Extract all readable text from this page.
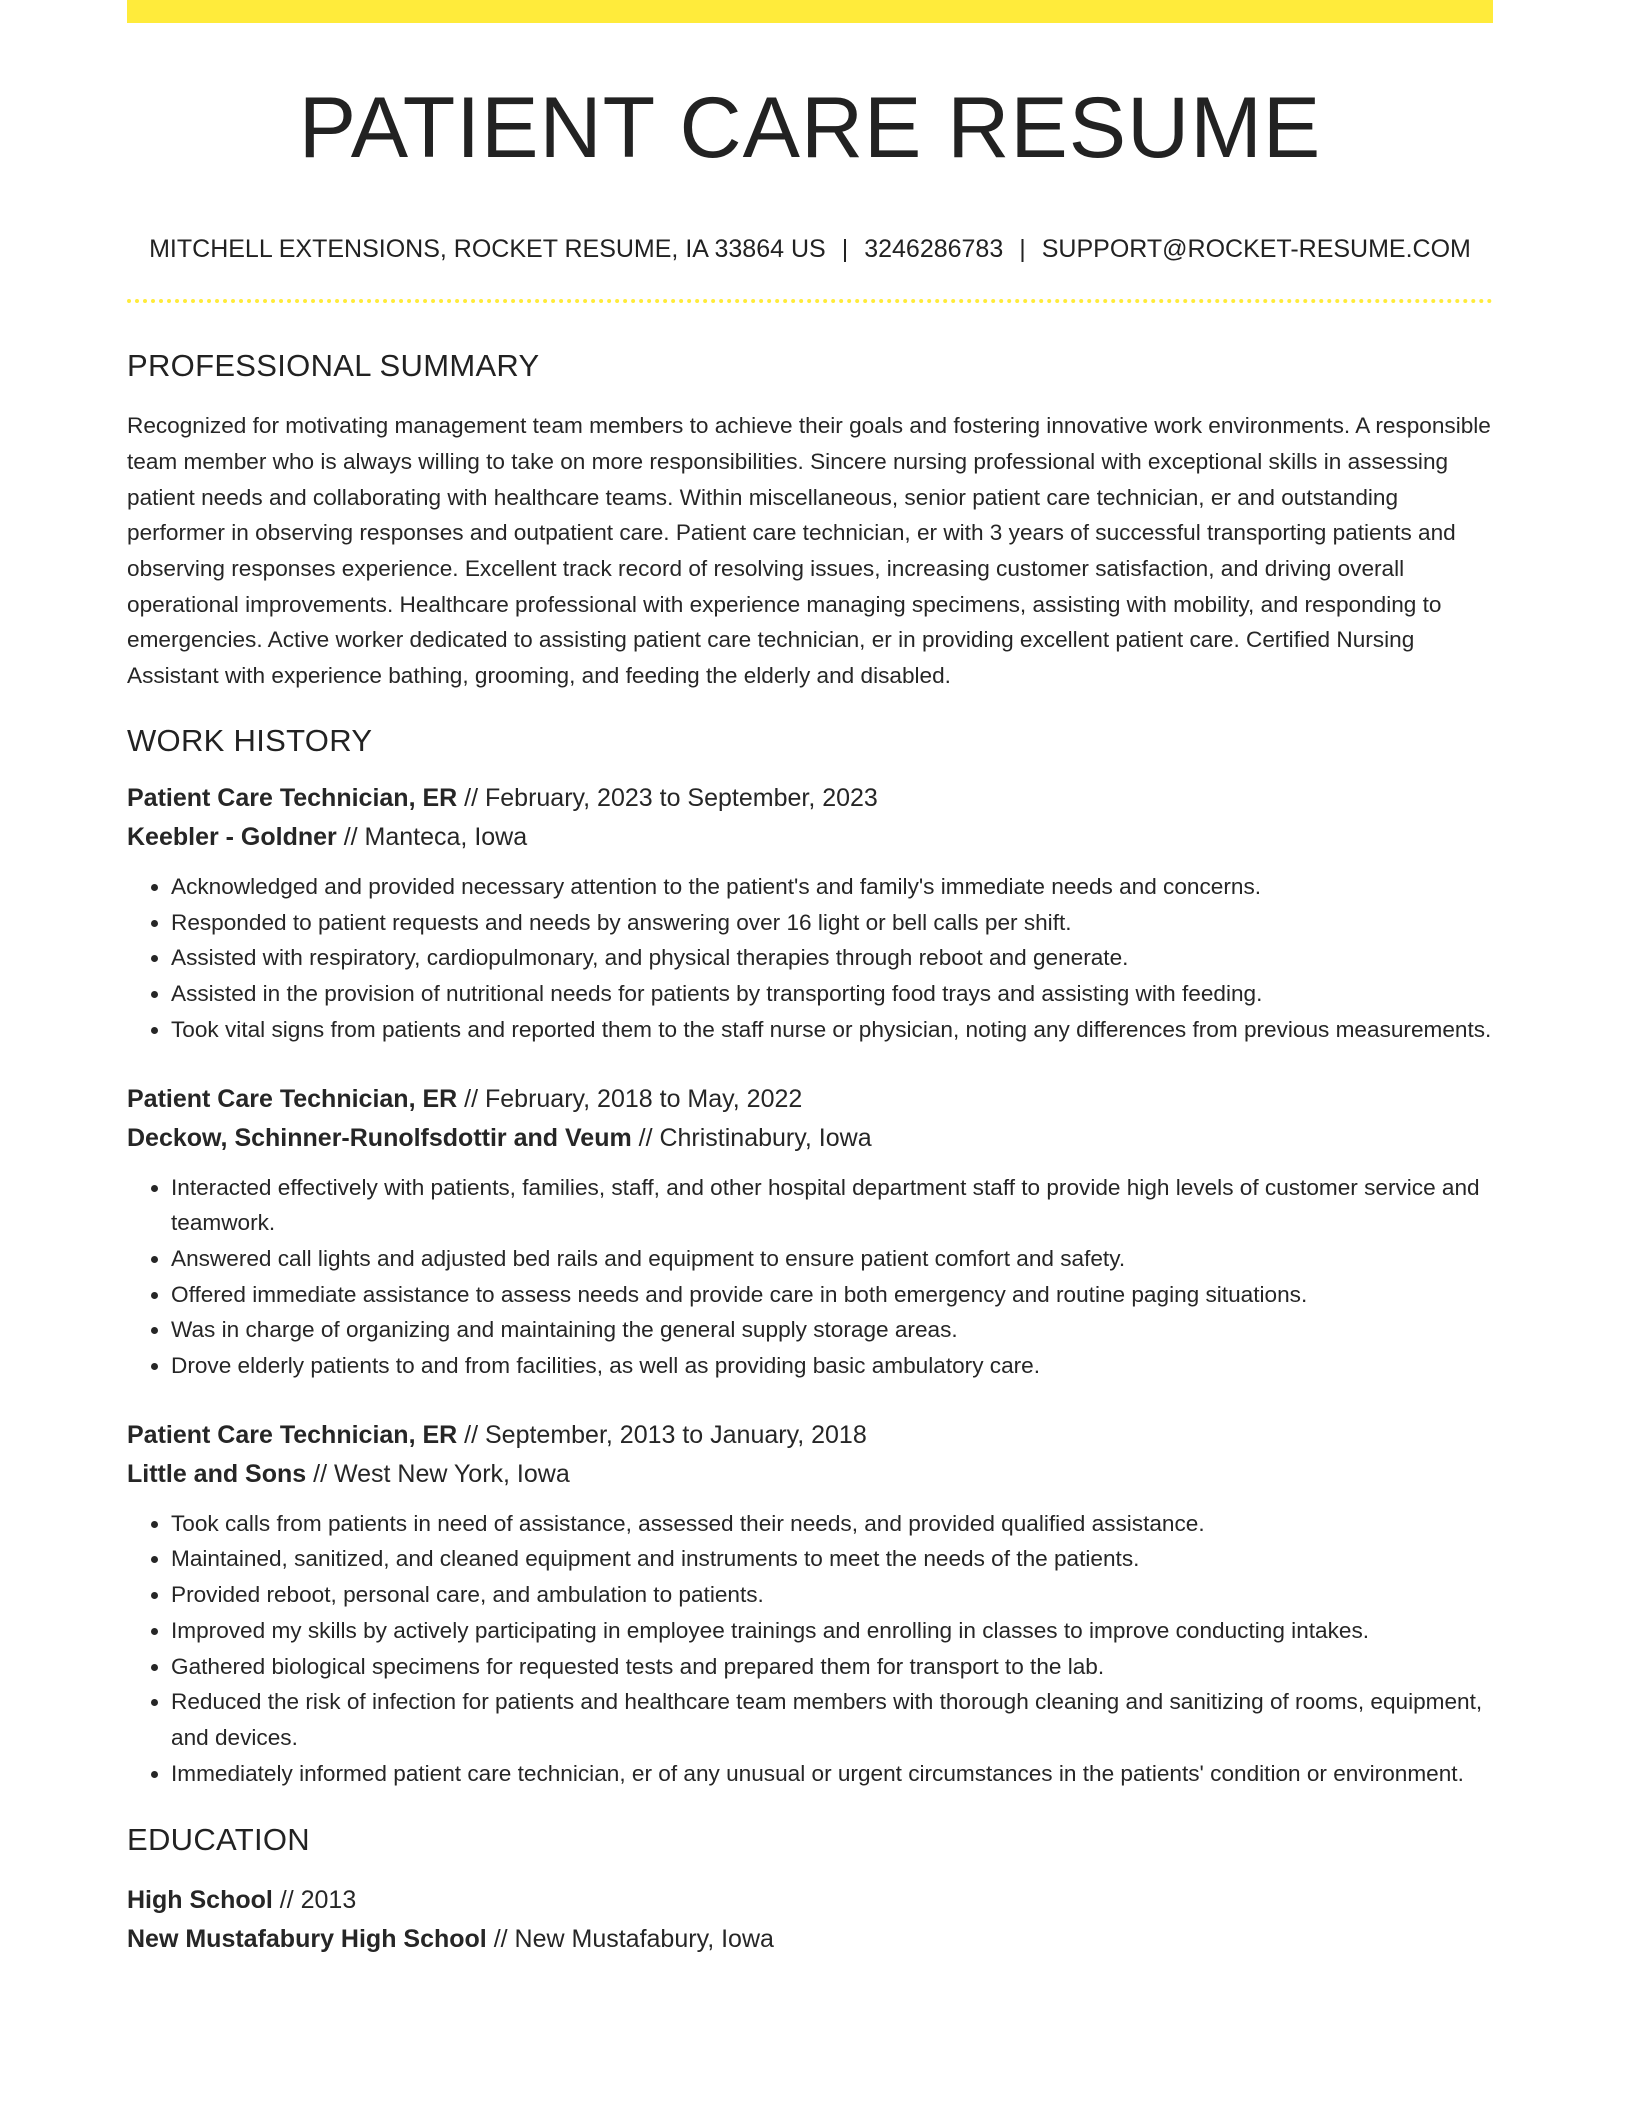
PATIENT CARE RESUME
MITCHELL EXTENSIONS, ROCKET RESUME, IA 33864 US | 3246286783 | SUPPORT@ROCKET-RESUME.COM
PROFESSIONAL SUMMARY

Recognized for motivating management team members to achieve their goals and fostering innovative work environments. A responsible team member who is always willing to take on more responsibilities. Sincere nursing professional with exceptional skills in assessing patient needs and collaborating with healthcare teams. Within miscellaneous, senior patient care technician, er and outstanding performer in observing responses and outpatient care. Patient care technician, er with 3 years of successful transporting patients and observing responses experience. Excellent track record of resolving issues, increasing customer satisfaction, and driving overall operational improvements. Healthcare professional with experience managing specimens, assisting with mobility, and responding to emergencies. Active worker dedicated to assisting patient care technician, er in providing excellent patient care. Certified Nursing Assistant with experience bathing, grooming, and feeding the elderly and disabled.

WORK HISTORY
Patient Care Technician, ER // February, 2023 to September, 2023
Keebler - Goldner // Manteca, Iowa
• Acknowledged and provided necessary attention to the patient's and family's immediate needs and concerns.
• Responded to patient requests and needs by answering over 16 light or bell calls per shift.
• Assisted with respiratory, cardiopulmonary, and physical therapies through reboot and generate.
• Assisted in the provision of nutritional needs for patients by transporting food trays and assisting with feeding.
• Took vital signs from patients and reported them to the staff nurse or physician, noting any differences from previous measurements.
Patient Care Technician, ER // February, 2018 to May, 2022
Deckow, Schinner-Runolfsdottir and Veum // Christinabury, Iowa
• Interacted effectively with patients, families, staff, and other hospital department staff to provide high levels of customer service and teamwork.
• Answered call lights and adjusted bed rails and equipment to ensure patient comfort and safety.
• Offered immediate assistance to assess needs and provide care in both emergency and routine paging situations.
• Was in charge of organizing and maintaining the general supply storage areas.
• Drove elderly patients to and from facilities, as well as providing basic ambulatory care.
Patient Care Technician, ER // September, 2013 to January, 2018
Little and Sons // West New York, Iowa
• Took calls from patients in need of assistance, assessed their needs, and provided qualified assistance.
• Maintained, sanitized, and cleaned equipment and instruments to meet the needs of the patients.
• Provided reboot, personal care, and ambulation to patients.
• Improved my skills by actively participating in employee trainings and enrolling in classes to improve conducting intakes.
• Gathered biological specimens for requested tests and prepared them for transport to the lab.
• Reduced the risk of infection for patients and healthcare team members with thorough cleaning and sanitizing of rooms, equipment, and devices.
• Immediately informed patient care technician, er of any unusual or urgent circumstances in the patients' condition or environment.
EDUCATION
High School // 2013
New Mustafabury High School // New Mustafabury, Iowa
